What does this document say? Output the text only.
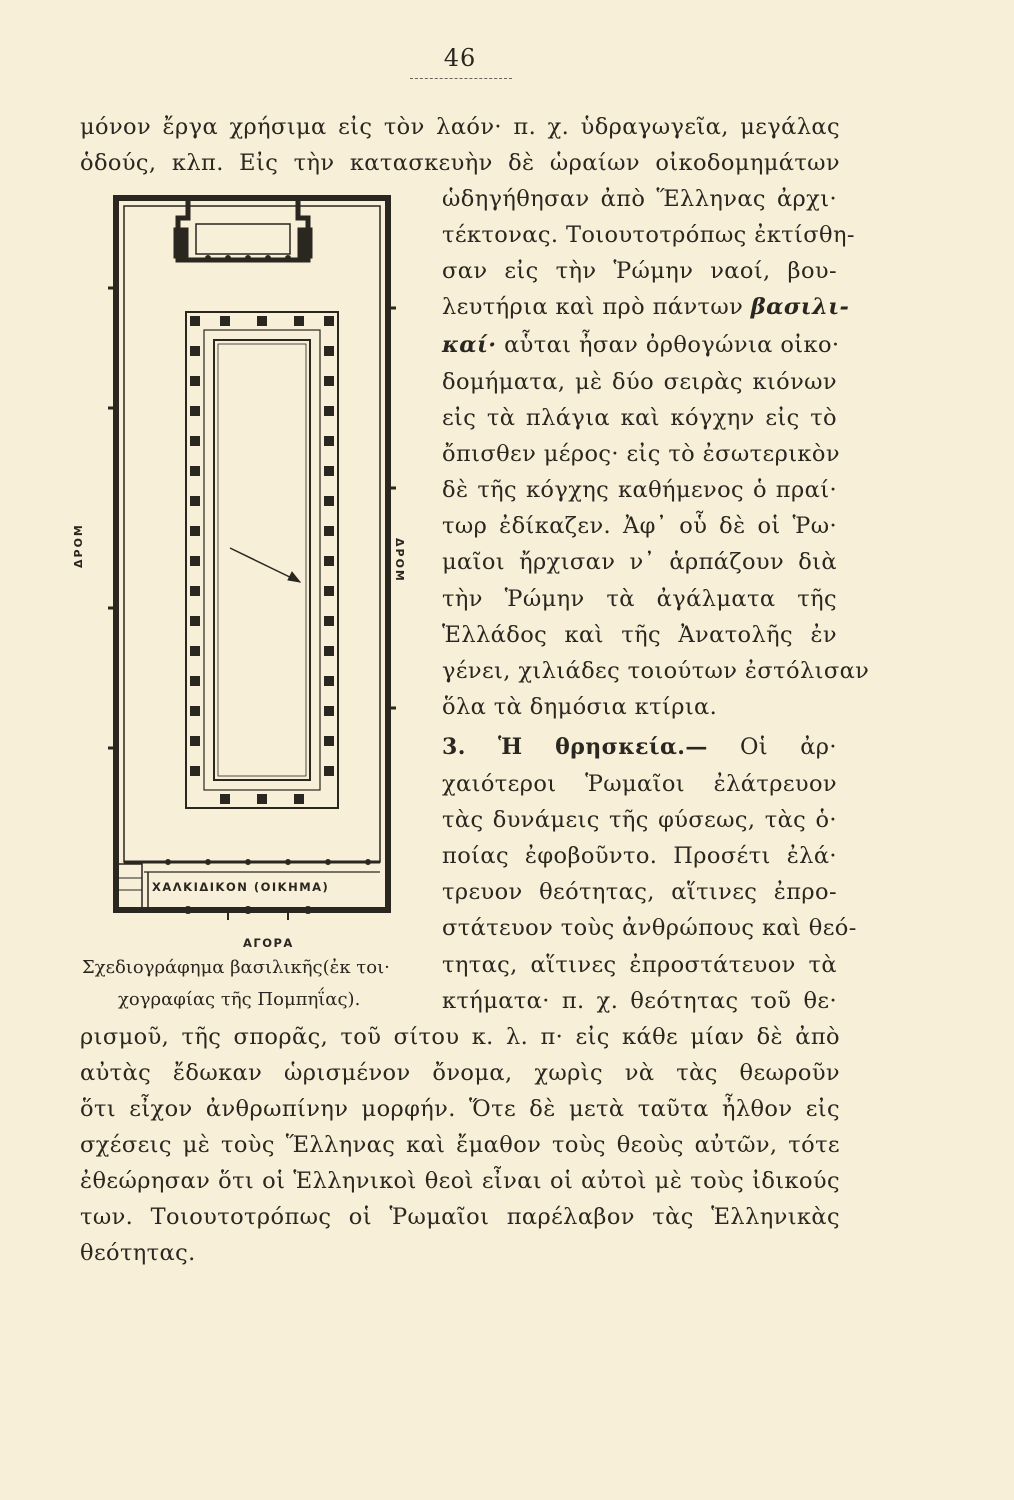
46
μόνον ἔργα χρήσιμα εἰς τὸν λαόν· π. χ. ὑδραγωγεῖα, μεγάλας
ὁδούς, κλπ. Εἰς τὴν κατασκευὴν δὲ ὡραίων οἰκοδομημάτων
ὡδηγήθησαν ἀπὸ Ἕλληνας ἀρχι·
τέκτονας. Τοιουτοτρόπως ἐκτίσθη-
σαν εἰς τὴν Ῥώμην ναοί, βου-
λευτήρια καὶ πρὸ πάντων βασιλι-
καί· αὗται ἦσαν ὀρθογώνια οἰκο·
δομήματα, μὲ δύο σειρὰς κιόνων
εἰς τὰ πλάγια καὶ κόγχην εἰς τὸ
ὄπισθεν μέρος· εἰς τὸ ἐσωτερικὸν
δὲ τῆς κόγχης καθήμενος ὁ πραί·
τωρ ἐδίκαζεν. Ἀφ᾿ οὗ δὲ οἱ Ῥω·
μαῖοι ἤρχισαν ν᾿ ἁρπάζουν διὰ
τὴν Ῥώμην τὰ ἀγάλματα τῆς
Ἑλλάδος καὶ τῆς Ἀνατολῆς ἐν
γένει, χιλιάδες τοιούτων ἐστόλισαν
ὅλα τὰ δημόσια κτίρια.
3. Ἡ θρησκεία.— Οἱ ἀρ·
χαιότεροι Ῥωμαῖοι ἐλάτρευον
τὰς δυνάμεις τῆς φύσεως, τὰς ὁ·
ποίας ἐφοβοῦντο. Προσέτι ἐλά·
τρευον θεότητας, αἵτινες ἐπρο-
στάτευον τοὺς ἀνθρώπους καὶ θεό-
τητας, αἵτινες ἐπροστάτευον τὰ
κτήματα· π. χ. θεότητας τοῦ θε·
Σχεδιογράφημα βασιλικῆς(ἐκ τοι·
χογραφίας τῆς Πομπηΐας).
ρισμοῦ, τῆς σπορᾶς, τοῦ σίτου κ. λ. π· εἰς κάθε μίαν δὲ ἀπὸ
αὐτὰς ἔδωκαν ὡρισμένον ὄνομα, χωρὶς νὰ τὰς θεωροῦν
ὅτι εἶχον ἀνθρωπίνην μορφήν. Ὅτε δὲ μετὰ ταῦτα ἦλθον εἰς
σχέσεις μὲ τοὺς Ἕλληνας καὶ ἔμαθον τοὺς θεοὺς αὐτῶν, τότε
ἐθεώρησαν ὅτι οἱ Ἑλληνικοὶ θεοὶ εἶναι οἱ αὐτοὶ μὲ τοὺς ἰδικούς
των. Τοιουτοτρόπως οἱ Ῥωμαῖοι παρέλαβον τὰς Ἑλληνικὰς
θεότητας.
ΧΑΛΚΙΔΙΚΟΝ (ΟΙΚΗΜΑ)
ΑΓΟΡΑ
ΔΡΟΜ	ΔΡΟΜ
